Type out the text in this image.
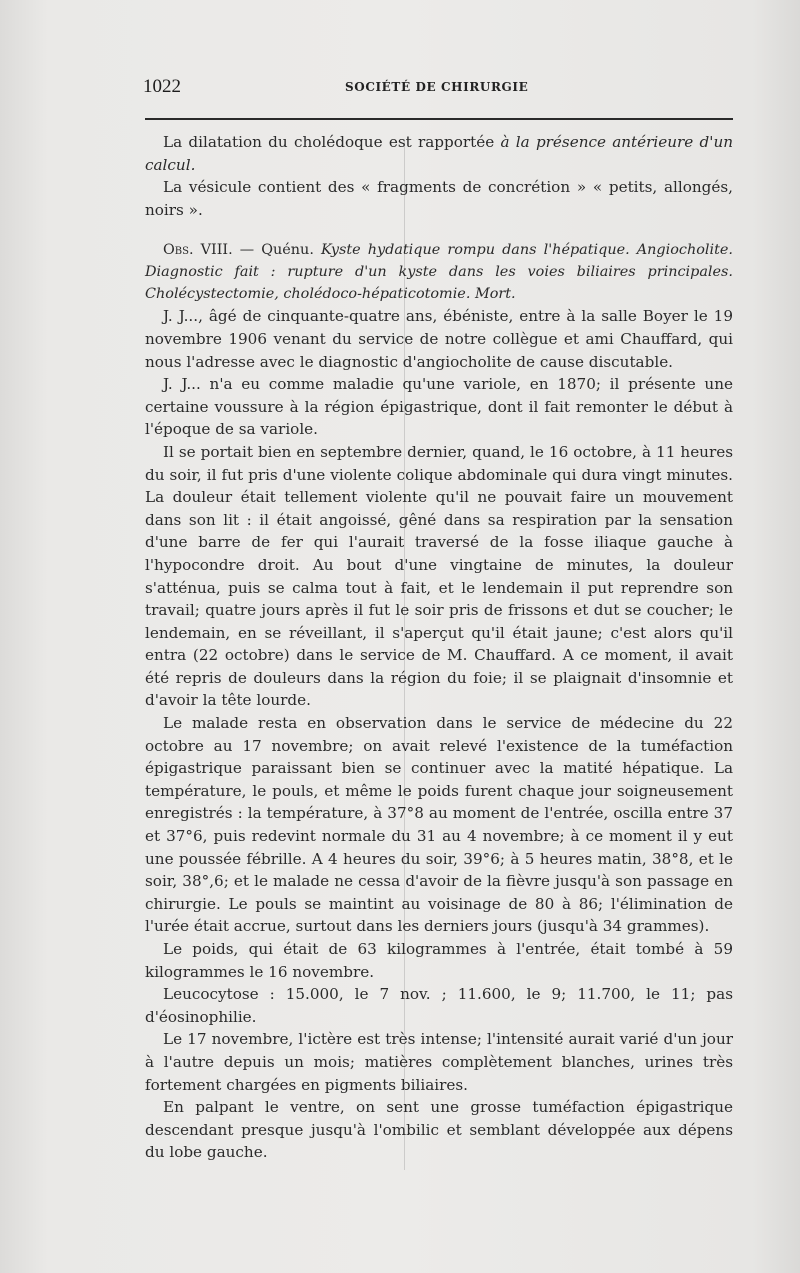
1022	SOCIÉTÉ DE CHIRURGIE

La dilatation du cholédoque est rapportée à la présence antérieure d'un calcul.

La vésicule contient des « fragments de concrétion » « petits, allongés, noirs ».

Obs. VIII. — Quénu. Kyste hydatique rompu dans l'hépatique. Angiocholite. Diagnostic fait : rupture d'un kyste dans les voies biliaires principales. Cholécystectomie, cholédoco-hépaticotomie. Mort.

J. J..., âgé de cinquante-quatre ans, ébéniste, entre à la salle Boyer le 19 novembre 1906 venant du service de notre collègue et ami Chauffard, qui nous l'adresse avec le diagnostic d'angiocholite de cause discutable.

J. J... n'a eu comme maladie qu'une variole, en 1870; il présente une certaine voussure à la région épigastrique, dont il fait remonter le début à l'époque de sa variole.

Il se portait bien en septembre dernier, quand, le 16 octobre, à 11 heures du soir, il fut pris d'une violente colique abdominale qui dura vingt minutes. La douleur était tellement violente qu'il ne pouvait faire un mouvement dans son lit : il était angoissé, gêné dans sa respiration par la sensation d'une barre de fer qui l'aurait traversé de la fosse iliaque gauche à l'hypocondre droit. Au bout d'une vingtaine de minutes, la douleur s'atténua, puis se calma tout à fait, et le lendemain il put reprendre son travail; quatre jours après il fut le soir pris de frissons et dut se coucher; le lendemain, en se réveillant, il s'aperçut qu'il était jaune; c'est alors qu'il entra (22 octobre) dans le service de M. Chauffard. A ce moment, il avait été repris de douleurs dans la région du foie; il se plaignait d'insomnie et d'avoir la tête lourde.

Le malade resta en observation dans le service de médecine du 22 octobre au 17 novembre; on avait relevé l'existence de la tuméfaction épigastrique paraissant bien se continuer avec la matité hépatique. La température, le pouls, et même le poids furent chaque jour soigneusement enregistrés : la température, à 37°8 au moment de l'entrée, oscilla entre 37 et 37°6, puis redevint normale du 31 au 4 novembre; à ce moment il y eut une poussée fébrille. A 4 heures du soir, 39°6; à 5 heures matin, 38°8, et le soir, 38°,6; et le malade ne cessa d'avoir de la fièvre jusqu'à son passage en chirurgie. Le pouls se maintint au voisinage de 80 à 86; l'élimination de l'urée était accrue, surtout dans les derniers jours (jusqu'à 34 grammes).

Le poids, qui était de 63 kilogrammes à l'entrée, était tombé à 59 kilogrammes le 16 novembre.

Leucocytose : 15.000, le 7 nov. ; 11.600, le 9; 11.700, le 11; pas d'éosinophilie.

Le 17 novembre, l'ictère est très intense; l'intensité aurait varié d'un jour à l'autre depuis un mois; matières complètement blanches, urines très fortement chargées en pigments biliaires.

En palpant le ventre, on sent une grosse tuméfaction épigastrique descendant presque jusqu'à l'ombilic et semblant développée aux dépens du lobe gauche.
